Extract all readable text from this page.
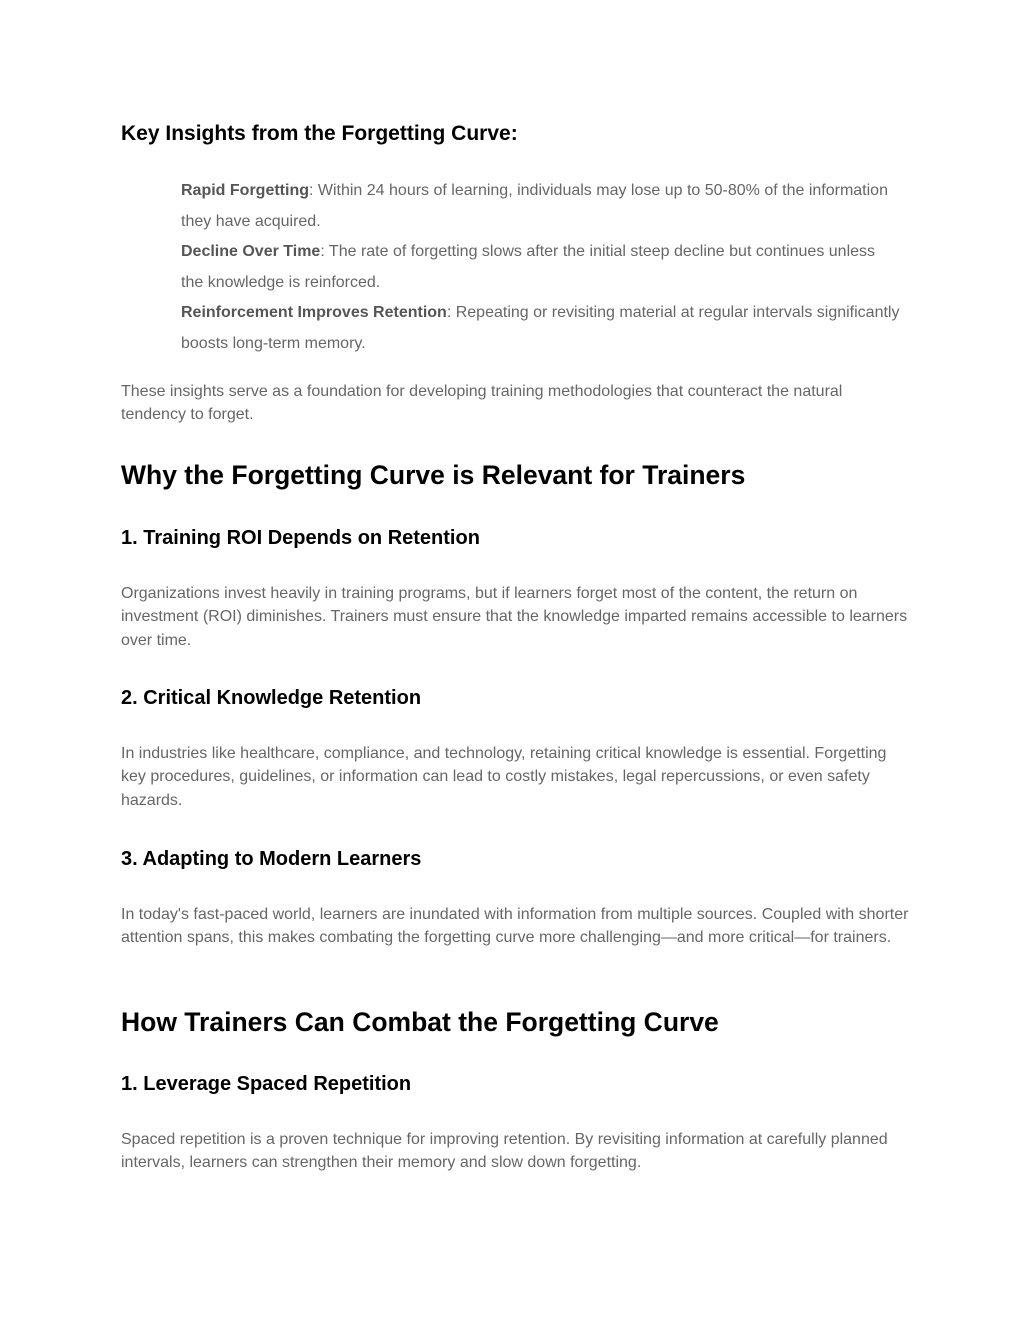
Key Insights from the Forgetting Curve:
Rapid Forgetting: Within 24 hours of learning, individuals may lose up to 50-80% of the information they have acquired.
Decline Over Time: The rate of forgetting slows after the initial steep decline but continues unless the knowledge is reinforced.
Reinforcement Improves Retention: Repeating or revisiting material at regular intervals significantly boosts long-term memory.

These insights serve as a foundation for developing training methodologies that counteract the natural tendency to forget.

Why the Forgetting Curve is Relevant for Trainers
1. Training ROI Depends on Retention

Organizations invest heavily in training programs, but if learners forget most of the content, the return on investment (ROI) diminishes. Trainers must ensure that the knowledge imparted remains accessible to learners over time.

2. Critical Knowledge Retention

In industries like healthcare, compliance, and technology, retaining critical knowledge is essential. Forgetting key procedures, guidelines, or information can lead to costly mistakes, legal repercussions, or even safety hazards.

3. Adapting to Modern Learners

In today's fast-paced world, learners are inundated with information from multiple sources. Coupled with shorter attention spans, this makes combating the forgetting curve more challenging—and more critical—for trainers.

How Trainers Can Combat the Forgetting Curve
1. Leverage Spaced Repetition

Spaced repetition is a proven technique for improving retention. By revisiting information at carefully planned intervals, learners can strengthen their memory and slow down forgetting.
